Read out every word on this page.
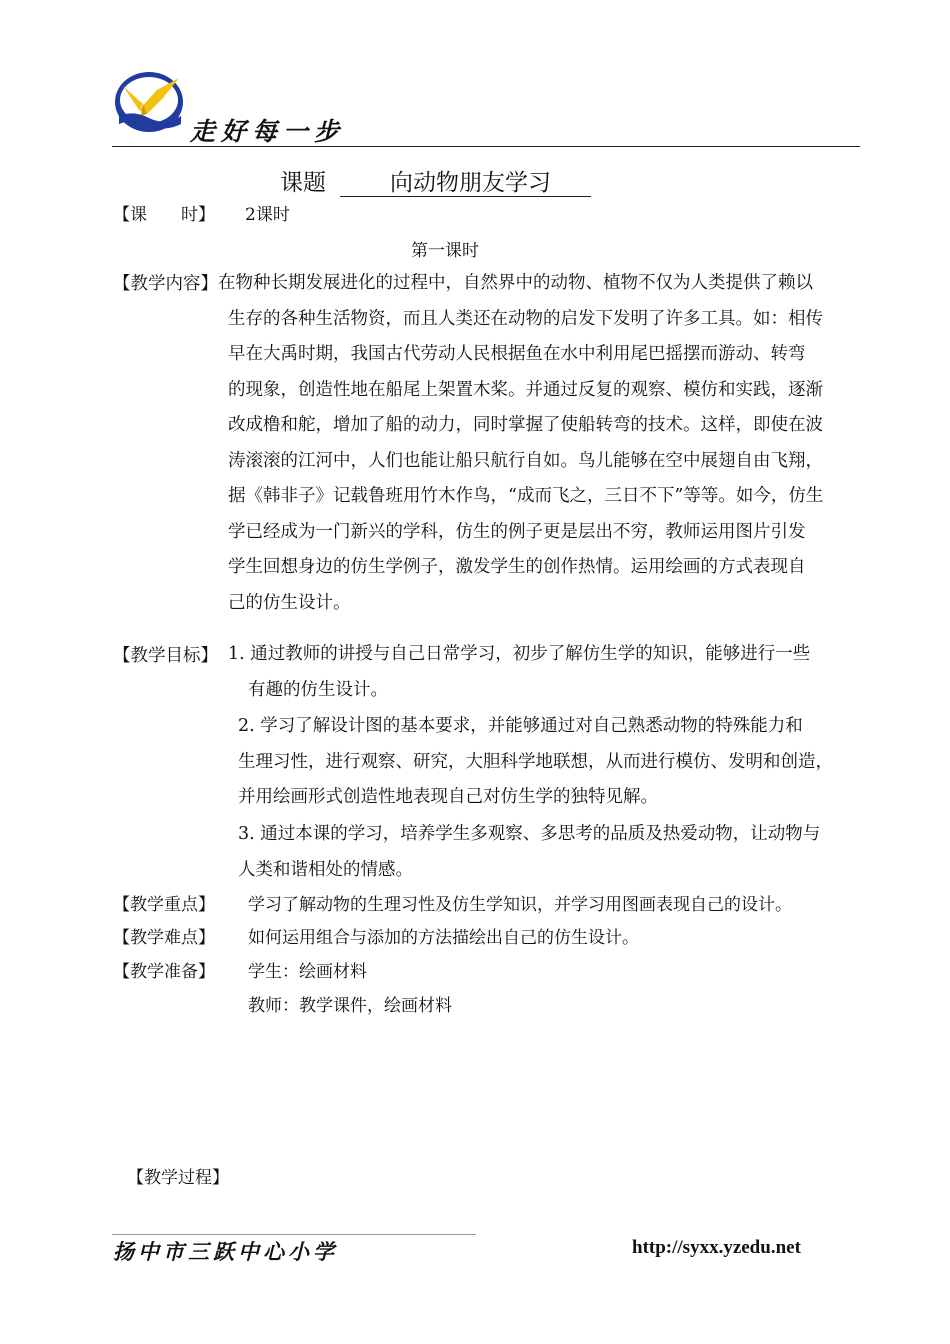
走好每一步
课题	向动物朋友学习
【课　　时】 2课时
第一课时
【教学内容】 在物种长期发展进化的过程中，自然界中的动物、植物不仅为人类提供了赖以

生存的各种生活物资，而且人类还在动物的启发下发明了许多工具。如：相传

早在大禹时期，我国古代劳动人民根据鱼在水中利用尾巴摇摆而游动、转弯

的现象，创造性地在船尾上架置木桨。并通过反复的观察、模仿和实践，逐渐

改成橹和舵，增加了船的动力，同时掌握了使船转弯的技术。这样，即使在波

涛滚滚的江河中，人们也能让船只航行自如。鸟儿能够在空中展翅自由飞翔，

据《韩非子》记载鲁班用竹木作鸟，“成而飞之，三日不下”等等。如今，仿生

学已经成为一门新兴的学科，仿生的例子更是层出不穷，教师运用图片引发

学生回想身边的仿生学例子，激发学生的创作热情。运用绘画的方式表现自

己的仿生设计。

【教学目标】 1. 通过教师的讲授与自己日常学习，初步了解仿生学的知识，能够进行一些

有趣的仿生设计。

2. 学习了解设计图的基本要求，并能够通过对自己熟悉动物的特殊能力和

生理习性，进行观察、研究，大胆科学地联想，从而进行模仿、发明和创造，

并用绘画形式创造性地表现自己对仿生学的独特见解。

3. 通过本课的学习，培养学生多观察、多思考的品质及热爱动物，让动物与

人类和谐相处的情感。

【教学重点】 学习了解动物的生理习性及仿生学知识，并学习用图画表现自己的设计。
【教学难点】 如何运用组合与添加的方法描绘出自己的仿生设计。
【教学准备】 学生：绘画材料
教师：教学课件，绘画材料
【教学过程】
扬中市三跃中心小学	http://syxx.yzedu.net
